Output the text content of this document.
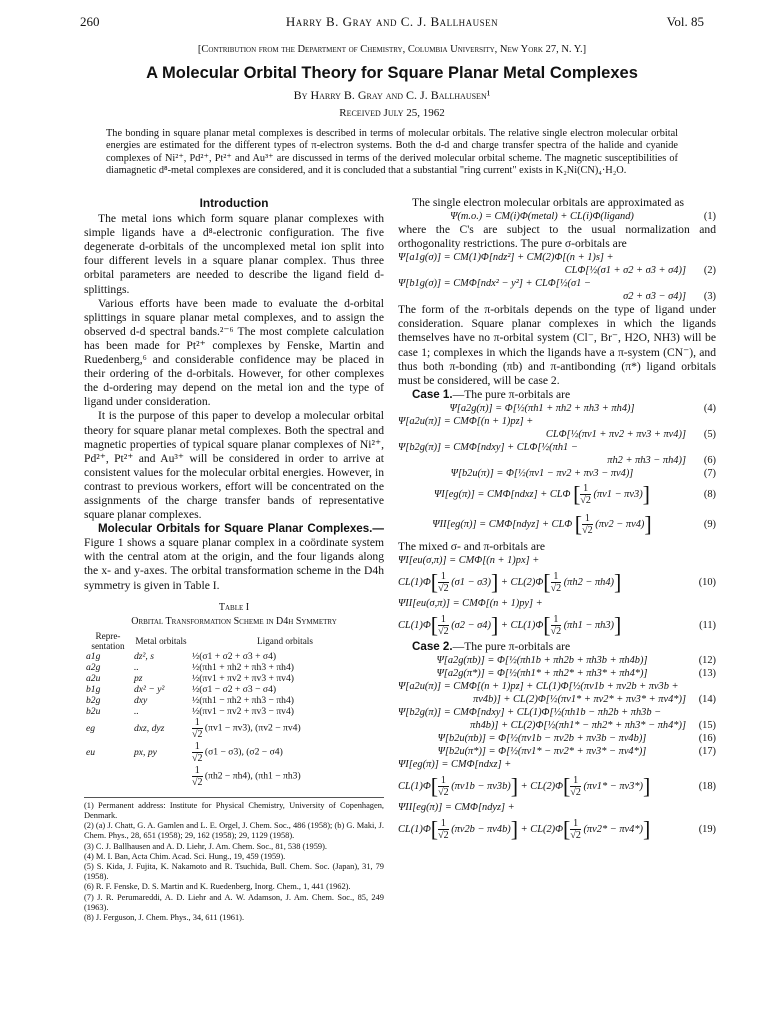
260	Harry B. Gray and C. J. Ballhausen	Vol. 85
[Contribution from the Department of Chemistry, Columbia University, New York 27, N. Y.]
A Molecular Orbital Theory for Square Planar Metal Complexes
By Harry B. Gray and C. J. Ballhausen¹
Received July 25, 1962
The bonding in square planar metal complexes is described in terms of molecular orbitals. The relative single electron molecular orbital energies are estimated for the different types of π-electron systems. Both the d-d and charge transfer spectra of the halide and cyanide complexes of Ni²⁺, Pd²⁺, Pt²⁺ and Au³⁺ are discussed in terms of the derived molecular orbital scheme. The magnetic susceptibilities of diamagnetic d⁸-metal complexes are considered, and it is concluded that a substantial "ring current" exists in K₂Ni(CN)₄·H₂O.
Introduction

The metal ions which form square planar complexes with simple ligands have a d⁸-electronic configuration. The five degenerate d-orbitals of the uncomplexed metal ion split into four different levels in a square planar complex. Thus three orbital parameters are needed to describe the ligand field d-splittings.

Various efforts have been made to evaluate the d-orbital splittings in square planar metal complexes, and to assign the observed d-d spectral bands.²⁻⁶ The most complete calculation has been made for Pt²⁺ complexes by Fenske, Martin and Ruedenberg,⁶ and considerable confidence may be placed in their ordering of the d-orbitals. However, for other complexes the d-ordering may depend on the metal ion and the type of ligand under consideration.

It is the purpose of this paper to develop a molecular orbital theory for square planar metal complexes. Both the spectral and magnetic properties of typical square planar complexes of Ni²⁺, Pd²⁺, Pt²⁺ and Au³⁺ will be considered in order to arrive at consistent values for the molecular orbital energies. However, in contrast to previous workers, effort will be concentrated on the assignments of the charge transfer bands of representative square planar complexes.

Molecular Orbitals for Square Planar Complexes.—Figure 1 shows a square planar complex in a coördinate system with the central atom at the origin, and the four ligands along the x- and y-axes. The orbital transformation scheme in the D4h symmetry is given in Table I.

Table I
Orbital Transformation Scheme in D4h Symmetry
Repre-sentation	Metal orbitals	Ligand orbitals
a1g	dz², s	½(σ1 + σ2 + σ3 + σ4)
a2g	..	½(πh1 + πh2 + πh3 + πh4)
a2u	pz	½(πv1 + πv2 + πv3 + πv4)
b1g	dx² − y²	½(σ1 − σ2 + σ3 − σ4)
b2g	dxy	½(πh1 − πh2 + πh3 − πh4)
b2u	..	½(πv1 − πv2 + πv3 − πv4)
eg	dxz, dyz	$\frac{1}{√2} (\pi v1 - \pi v3)$, (πv2 − πv4)
eu	px, py	$\frac{1}{√2} (\sigma 1 - \sigma 3)$, (σ2 − σ4)

		$\frac{1}{√2} (\pi h2 - \pi h4)$, (πh1 − πh3)
(1) Permanent address: Institute for Physical Chemistry, University of Copenhagen, Denmark.
(2) (a) J. Chatt, G. A. Gamlen and L. E. Orgel, J. Chem. Soc., 486 (1958); (b) G. Maki, J. Chem. Phys., 28, 651 (1958); 29, 162 (1958); 29, 1129 (1958).
(3) C. J. Ballhausen and A. D. Liehr, J. Am. Chem. Soc., 81, 538 (1959).
(4) M. I. Ban, Acta Chim. Acad. Sci. Hung., 19, 459 (1959).
(5) S. Kida, J. Fujita, K. Nakamoto and R. Tsuchida, Bull. Chem. Soc. (Japan), 31, 79 (1958).
(6) R. F. Fenske, D. S. Martin and K. Ruedenberg, Inorg. Chem., 1, 441 (1962).
(7) J. R. Perumareddi, A. D. Liehr and A. W. Adamson, J. Am. Chem. Soc., 85, 249 (1963).
(8) J. Ferguson, J. Chem. Phys., 34, 611 (1961).

The single electron molecular orbitals are approximated as

Ψ(m.o.) = CM(i)Φ(metal) + CL(i)Φ(ligand)	(1)

where the C's are subject to the usual normalization and orthogonality restrictions. The pure σ-orbitals are

Ψ[a1g(σ)] = CM(1)Φ[ndz²] + CM(2)Φ[(n + 1)s] +
CLΦ[½(σ1 + σ2 + σ3 + σ4)]	(2)
Ψ[b1g(σ)] = CMΦ[ndx² − y²] + CLΦ[½(σ1 −
σ2 + σ3 − σ4)]	(3)

The form of the π-orbitals depends on the type of ligand under consideration. Square planar complexes in which the ligands themselves have no π-orbital system (Cl⁻, Br⁻, H2O, NH3) will be case 1; complexes in which the ligands have a π-system (CN⁻), and thus both π-bonding (πb) and π-antibonding (π*) ligand orbitals must be considered, will be case 2.

Case 1.—The pure π-orbitals are

Ψ[a2g(π)] = Φ[½(πh1 + πh2 + πh3 + πh4)]	(4)
Ψ[a2u(π)] = CMΦ[(n + 1)pz] +
CLΦ[½(πv1 + πv2 + πv3 + πv4)]	(5)
Ψ[b2g(π)] = CMΦ[ndxy] + CLΦ[½(πh1 −
πh2 + πh3 − πh4)]	(6)
Ψ[b2u(π)] = Φ[½(πv1 − πv2 + πv3 − πv4)]	(7)
ΨI[eg(π)] = CMΦ[ndxz] + CLΦ [ $\frac{1}{√2} (\pi v1 - \pi v3)$]	(8)
ΨII[eg(π)] = CMΦ[ndyz] + CLΦ [ $\frac{1}{√2} (\pi v2 - \pi v4)$]	(9)

The mixed σ- and π-orbitals are

ΨI[eu(σ,π)] = CMΦ[(n + 1)px] +
$CL(1)\Phi[ \frac{1}{√2} (\sigma 1 - \sigma 3)] + CL(2)\Phi[ \frac{1}{√2} (\pi h2 - \pi h4)]$	(10)
ΨII[eu(σ,π)] = CMΦ[(n + 1)py] +
$CL(1)\Phi[ \frac{1}{√2} (\sigma 2 - \sigma 4)] + CL(1)\Phi[ \frac{1}{√2} (\pi h1 - \pi h3)]$	(11)

Case 2.—The pure π-orbitals are

Ψ[a2g(πb)] = Φ[½(πh1b + πh2b + πh3b + πh4b)]	(12)
Ψ[a2g(π*)] = Φ[½(πh1* + πh2* + πh3* + πh4*)]	(13)
Ψ[a2u(π)] = CMΦ[(n + 1)pz] + CL(1)Φ[½(πv1b + πv2b + πv3b +
πv4b)] + CL(2)Φ[½(πv1* + πv2* + πv3* + πv4*)]	(14)
Ψ[b2g(π)] = CMΦ[ndxy] + CL(1)Φ[½(πh1b − πh2b + πh3b −
πh4b)] + CL(2)Φ[½(πh1* − πh2* + πh3* − πh4*)]	(15)
Ψ[b2u(πb)] = Φ[½(πv1b − πv2b + πv3b − πv4b)]	(16)
Ψ[b2u(π*)] = Φ[½(πv1* − πv2* + πv3* − πv4*)]	(17)
ΨI[eg(π)] = CMΦ[ndxz] +
$CL(1)\Phi[ \frac{1}{√2} (\pi v1b - \pi v3b)] + CL(2)\Phi[ \frac{1}{√2} (\pi v1* - \pi v3*)]$	(18)
ΨII[eg(π)] = CMΦ[ndyz] +
$CL(1)\Phi[ \frac{1}{√2} (\pi v2b - \pi v4b)] + CL(2)\Phi[ \frac{1}{√2} (\pi v2* - \pi v4*)]$	(19)
